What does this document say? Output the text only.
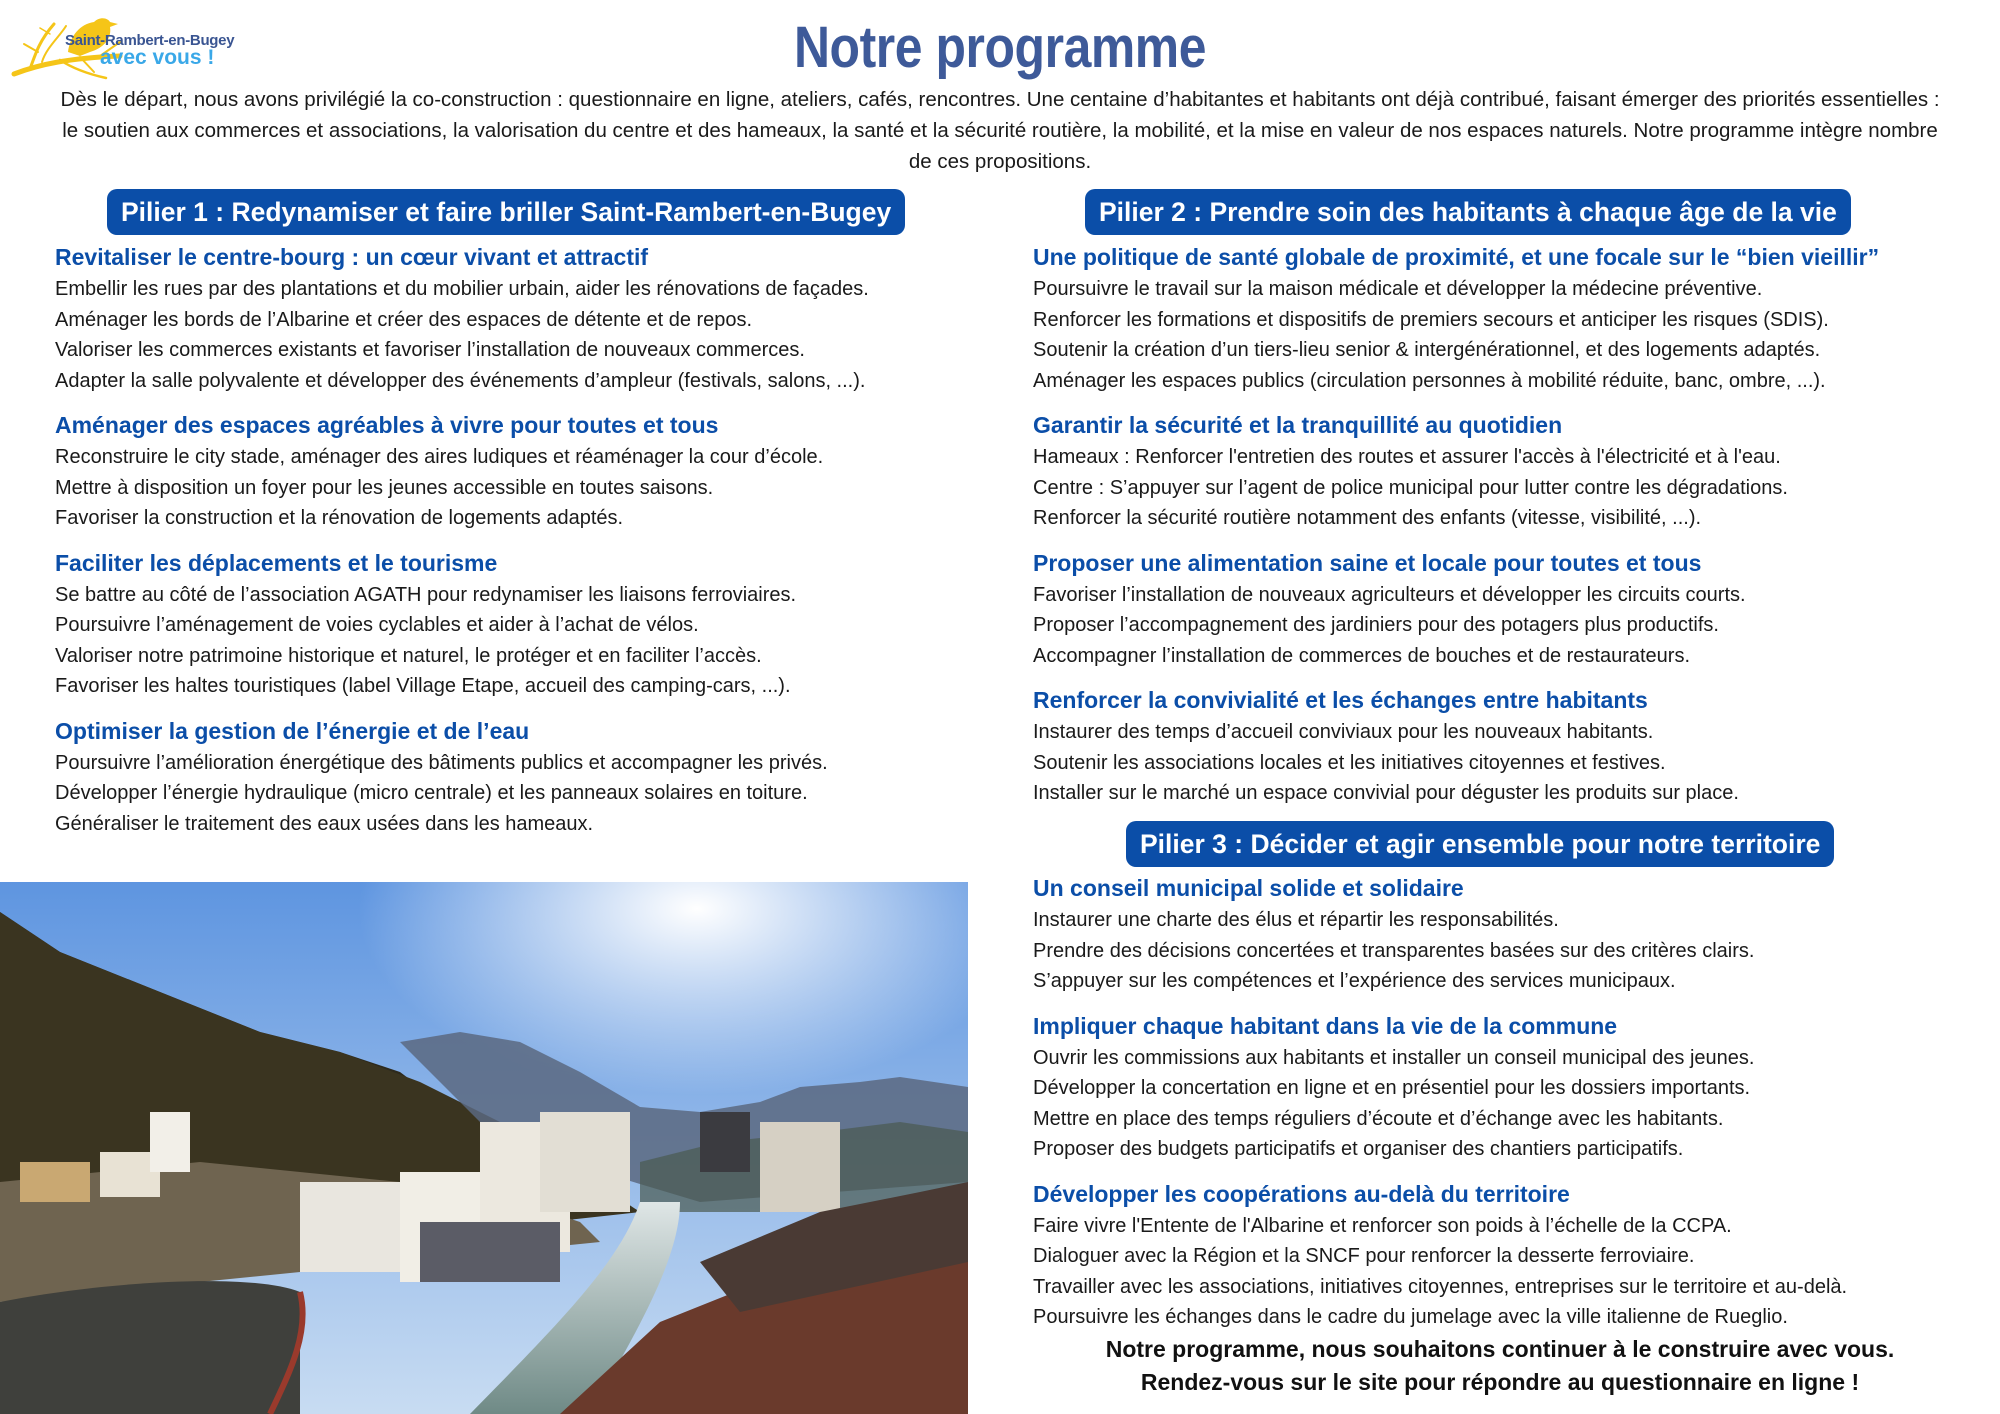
Saint-Rambert-en-Bugey
avec vous !	Notre programme
Dès le départ, nous avons privilégié la co-construction : questionnaire en ligne, ateliers, cafés, rencontres. Une centaine d’habitantes et habitants ont déjà contribué, faisant émerger des priorités essentielles : le soutien aux commerces et associations, la valorisation du centre et des hameaux, la santé et la sécurité routière, la mobilité, et la mise en valeur de nos espaces naturels. Notre programme intègre nombre de ces propositions.
Pilier 1 : Redynamiser et faire briller Saint-Rambert-en-Bugey	Pilier 2 : Prendre soin des habitants à chaque âge de la vie
Pilier 3 : Décider et agir ensemble pour notre territoire
Revitaliser le centre-bourg : un cœur vivant et attractif

Embellir les rues par des plantations et du mobilier urbain, aider les rénovations de façades.

Aménager les bords de l’Albarine et créer des espaces de détente et de repos.

Valoriser les commerces existants et favoriser l’installation de nouveaux commerces.

Adapter la salle polyvalente et développer des événements d’ampleur (festivals, salons, ...).

Aménager des espaces agréables à vivre pour toutes et tous

Reconstruire le city stade, aménager des aires ludiques et réaménager la cour d’école.

Mettre à disposition un foyer pour les jeunes accessible en toutes saisons.

Favoriser la construction et la rénovation de logements adaptés.

Faciliter les déplacements et le tourisme

Se battre au côté de l’association AGATH pour redynamiser les liaisons ferroviaires.

Poursuivre l’aménagement de voies cyclables et aider à l’achat de vélos.

Valoriser notre patrimoine historique et naturel, le protéger et en faciliter l’accès.

Favoriser les haltes touristiques (label Village Etape, accueil des camping-cars, ...).

Optimiser la gestion de l’énergie et de l’eau

Poursuivre l’amélioration énergétique des bâtiments publics et accompagner les privés.

Développer l’énergie hydraulique (micro centrale) et les panneaux solaires en toiture.

Généraliser le traitement des eaux usées dans les hameaux.

Une politique de santé globale de proximité, et une focale sur le “bien vieillir”

Poursuivre le travail sur la maison médicale et développer la médecine préventive.

Renforcer les formations et dispositifs de premiers secours et anticiper les risques (SDIS).

Soutenir la création d’un tiers-lieu senior & intergénérationnel, et des logements adaptés.

Aménager les espaces publics (circulation personnes à mobilité réduite, banc, ombre, ...).

Garantir la sécurité et la tranquillité au quotidien

Hameaux : Renforcer l'entretien des routes et assurer l'accès à l'électricité et à l'eau.

Centre : S’appuyer sur l’agent de police municipal pour lutter contre les dégradations.

Renforcer la sécurité routière notamment des enfants (vitesse, visibilité, ...).

Proposer une alimentation saine et locale pour toutes et tous

Favoriser l’installation de nouveaux agriculteurs et développer les circuits courts.

Proposer l’accompagnement des jardiniers pour des potagers plus productifs.

Accompagner l’installation de commerces de bouches et de restaurateurs.

Renforcer la convivialité et les échanges entre habitants

Instaurer des temps d’accueil conviviaux pour les nouveaux habitants.

Soutenir les associations locales et les initiatives citoyennes et festives.

Installer sur le marché un espace convivial pour déguster les produits sur place.

Un conseil municipal solide et solidaire

Instaurer une charte des élus et répartir les responsabilités.

Prendre des décisions concertées et transparentes basées sur des critères clairs.

S’appuyer sur les compétences et l’expérience des services municipaux.

Impliquer chaque habitant dans la vie de la commune

Ouvrir les commissions aux habitants et installer un conseil municipal des jeunes.

Développer la concertation en ligne et en présentiel pour les dossiers importants.

Mettre en place des temps réguliers d’écoute et d’échange avec les habitants.

Proposer des budgets participatifs et organiser des chantiers participatifs.

Développer les coopérations au-delà du territoire

Faire vivre l'Entente de l'Albarine et renforcer son poids à l’échelle de la CCPA.

Dialoguer avec la Région et la SNCF pour renforcer la desserte ferroviaire.

Travailler avec les associations, initiatives citoyennes, entreprises sur le territoire et au-delà.

Poursuivre les échanges dans le cadre du jumelage avec la ville italienne de Rueglio.

Notre programme, nous souhaitons continuer à le construire avec vous.
Rendez-vous sur le site pour répondre au questionnaire en ligne !
